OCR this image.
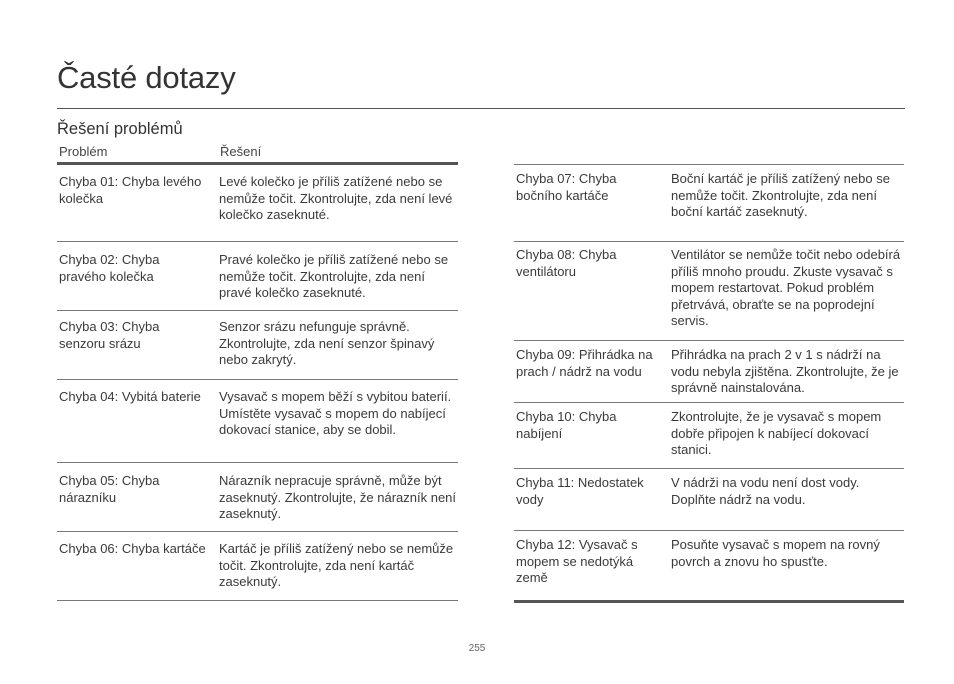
Časté dotazy
Řešení problémů
Problém	Řešení
Chyba 01: Chyba levého kolečka
Levé kolečko je příliš zatížené nebo se nemůže točit. Zkontrolujte, zda není levé kolečko zaseknuté.
Chyba 02: Chyba pravého kolečka
Pravé kolečko je příliš zatížené nebo se nemůže točit. Zkontrolujte, zda není pravé kolečko zaseknuté.
Chyba 03: Chyba senzoru srázu
Senzor srázu nefunguje správně. Zkontrolujte, zda není senzor špinavý nebo zakrytý.
Chyba 04: Vybitá baterie	Vysavač s mopem běží s vybitou baterií. Umístěte vysavač s mopem do nabíjecí dokovací stanice, aby se dobil.
Chyba 05: Chyba nárazníku
Nárazník nepracuje správně, může být zaseknutý. Zkontrolujte, že nárazník není zaseknutý.
Chyba 06: Chyba kartáče Kartáč je příliš zatížený nebo se nemůže točit. Zkontrolujte, zda není kartáč zaseknutý.
Chyba 07: Chyba bočního kartáče
Boční kartáč je příliš zatížený nebo se nemůže točit. Zkontrolujte, zda není boční kartáč zaseknutý.
Chyba 08: Chyba ventilátoru
Ventilátor se nemůže točit nebo odebírá příliš mnoho proudu. Zkuste vysavač s mopem restartovat. Pokud problém přetrvává, obraťte se na poprodejní servis.
Chyba 09: Přihrádka na prach / nádrž na vodu
Přihrádka na prach 2 v 1 s nádrží na vodu nebyla zjištěna. Zkontrolujte, že je správně nainstalována.
Chyba 10: Chyba nabíjení
Zkontrolujte, že je vysavač s mopem dobře připojen k nabíjecí dokovací stanici.
Chyba 11: Nedostatek vody
V nádrži na vodu není dost vody. Doplňte nádrž na vodu.
Chyba 12: Vysavač s mopem se nedotýká země
Posuňte vysavač s mopem na rovný povrch a znovu ho spusťte.
255
